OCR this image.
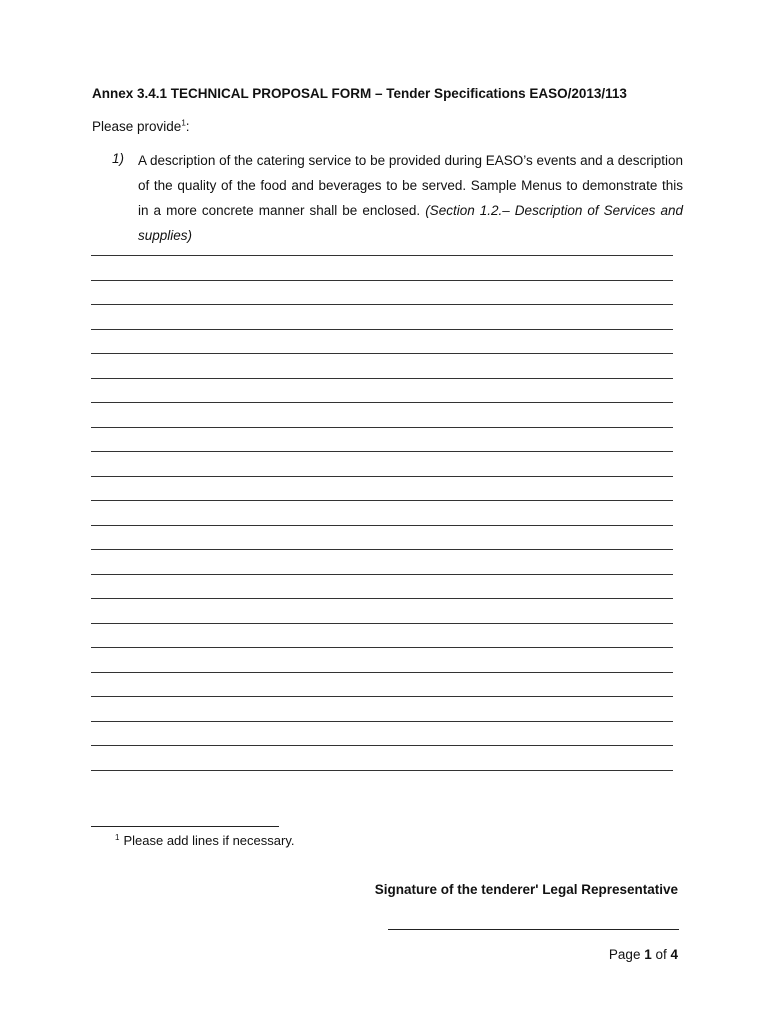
Annex 3.4.1 TECHNICAL PROPOSAL FORM – Tender Specifications EASO/2013/113
Please provide$^1$:
1) A description of the catering service to be provided during EASO’s events and a description of the quality of the food and beverages to be served. Sample Menus to demonstrate this in a more concrete manner shall be enclosed. (Section 1.2.– Description of Services and supplies)
$^1$ Please add lines if necessary.
Signature of the tenderer' Legal Representative
Page 1 of 4
